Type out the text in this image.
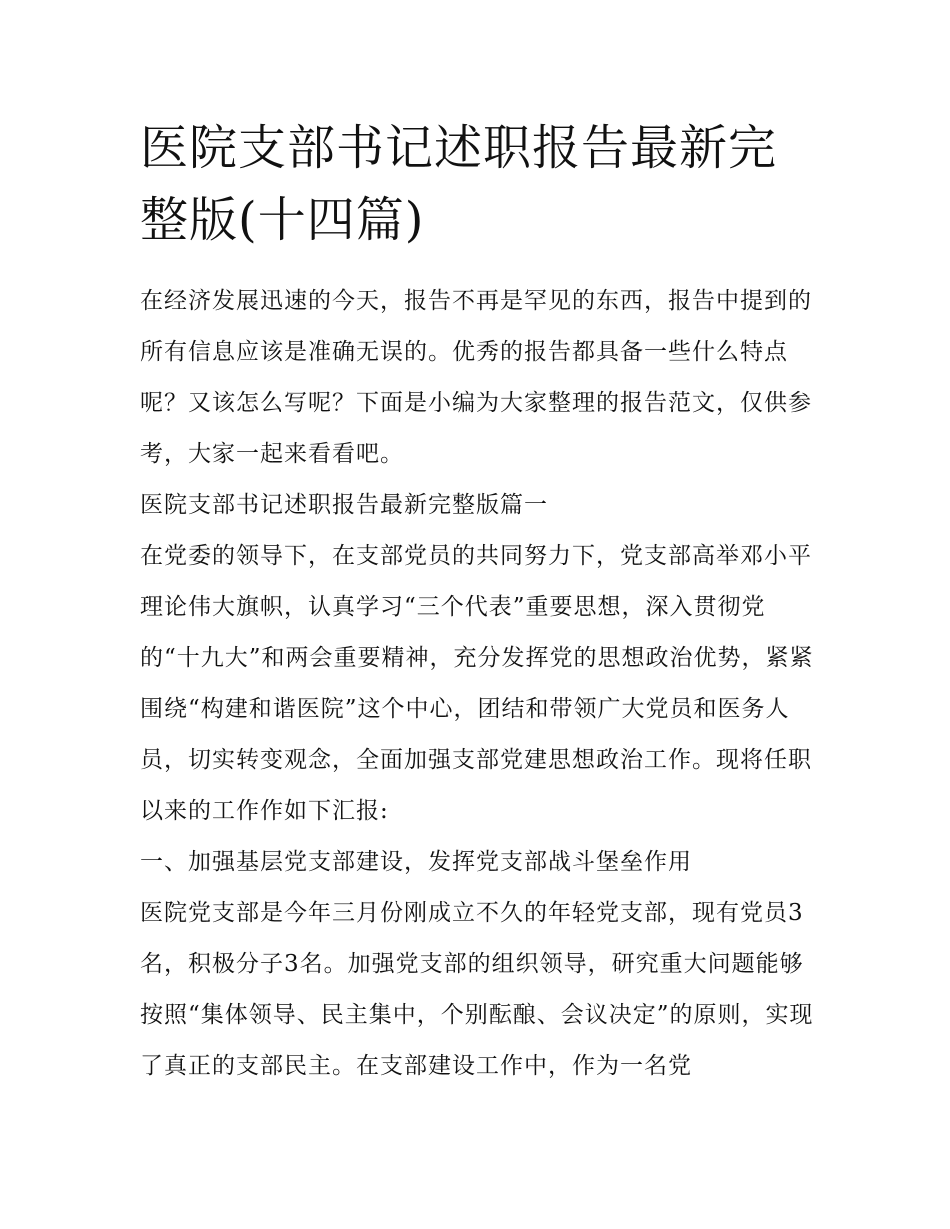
医院支部书记述职报告最新完整版(十四篇)

在经济发展迅速的今天，报告不再是罕见的东西，报告中提到的所有信息应该是准确无误的。优秀的报告都具备一些什么特点呢？又该怎么写呢？下面是小编为大家整理的报告范文，仅供参考，大家一起来看看吧。

医院支部书记述职报告最新完整版篇一

在党委的领导下，在支部党员的共同努力下，党支部高举邓小平理论伟大旗帜，认真学习“三个代表”重要思想，深入贯彻党的“十九大”和两会重要精神，充分发挥党的思想政治优势，紧紧围绕“构建和谐医院”这个中心，团结和带领广大党员和医务人员，切实转变观念，全面加强支部党建思想政治工作。现将任职以来的工作作如下汇报:

一、加强基层党支部建设，发挥党支部战斗堡垒作用

医院党支部是今年三月份刚成立不久的年轻党支部，现有党员3名，积极分子3名。加强党支部的组织领导，研究重大问题能够按照“集体领导、民主集中，个别酝酿、会议决定”的原则，实现了真正的支部民主。在支部建设工作中，作为一名党
